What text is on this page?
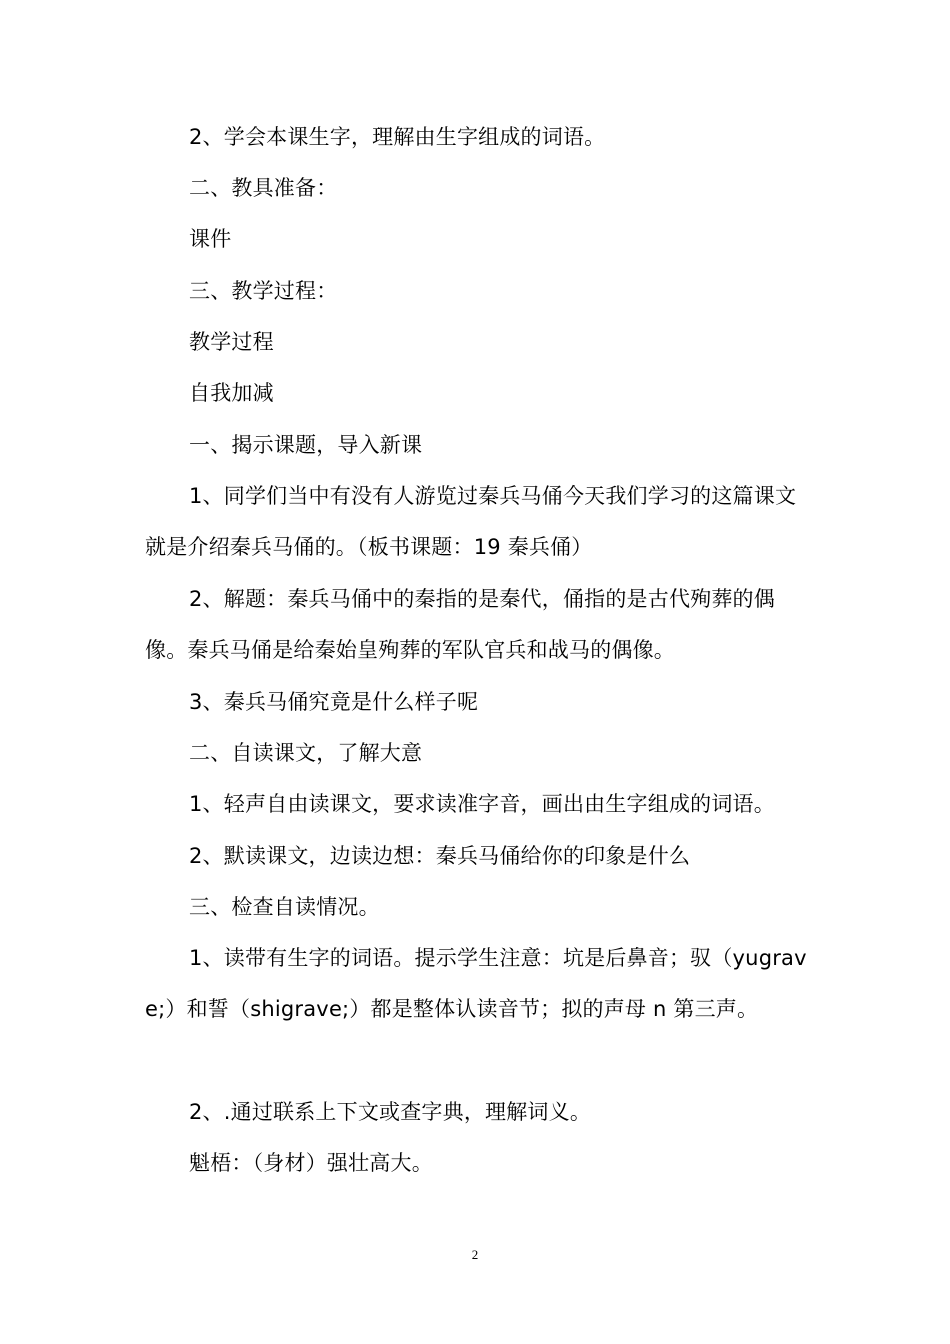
2、学会本课生字，理解由生字组成的词语。

二、教具准备：

课件

三、教学过程：

教学过程

自我加减

一、揭示课题，导入新课

1、同学们当中有没有人游览过秦兵马俑今天我们学习的这篇课文就是介绍秦兵马俑的。（板书课题：19 秦兵俑）

2、解题：秦兵马俑中的秦指的是秦代，俑指的是古代殉葬的偶像。秦兵马俑是给秦始皇殉葬的军队官兵和战马的偶像。

3、秦兵马俑究竟是什么样子呢

二、自读课文，了解大意

1、轻声自由读课文，要求读准字音，画出由生字组成的词语。

2、默读课文，边读边想：秦兵马俑给你的印象是什么

三、检查自读情况。

1、读带有生字的词语。提示学生注意：坑是后鼻音；驭（yugrave;）和誓（shigrave;）都是整体认读音节；拟的声母 n 第三声。

2、.通过联系上下文或查字典，理解词义。

魁梧：（身材）强壮高大。

2
